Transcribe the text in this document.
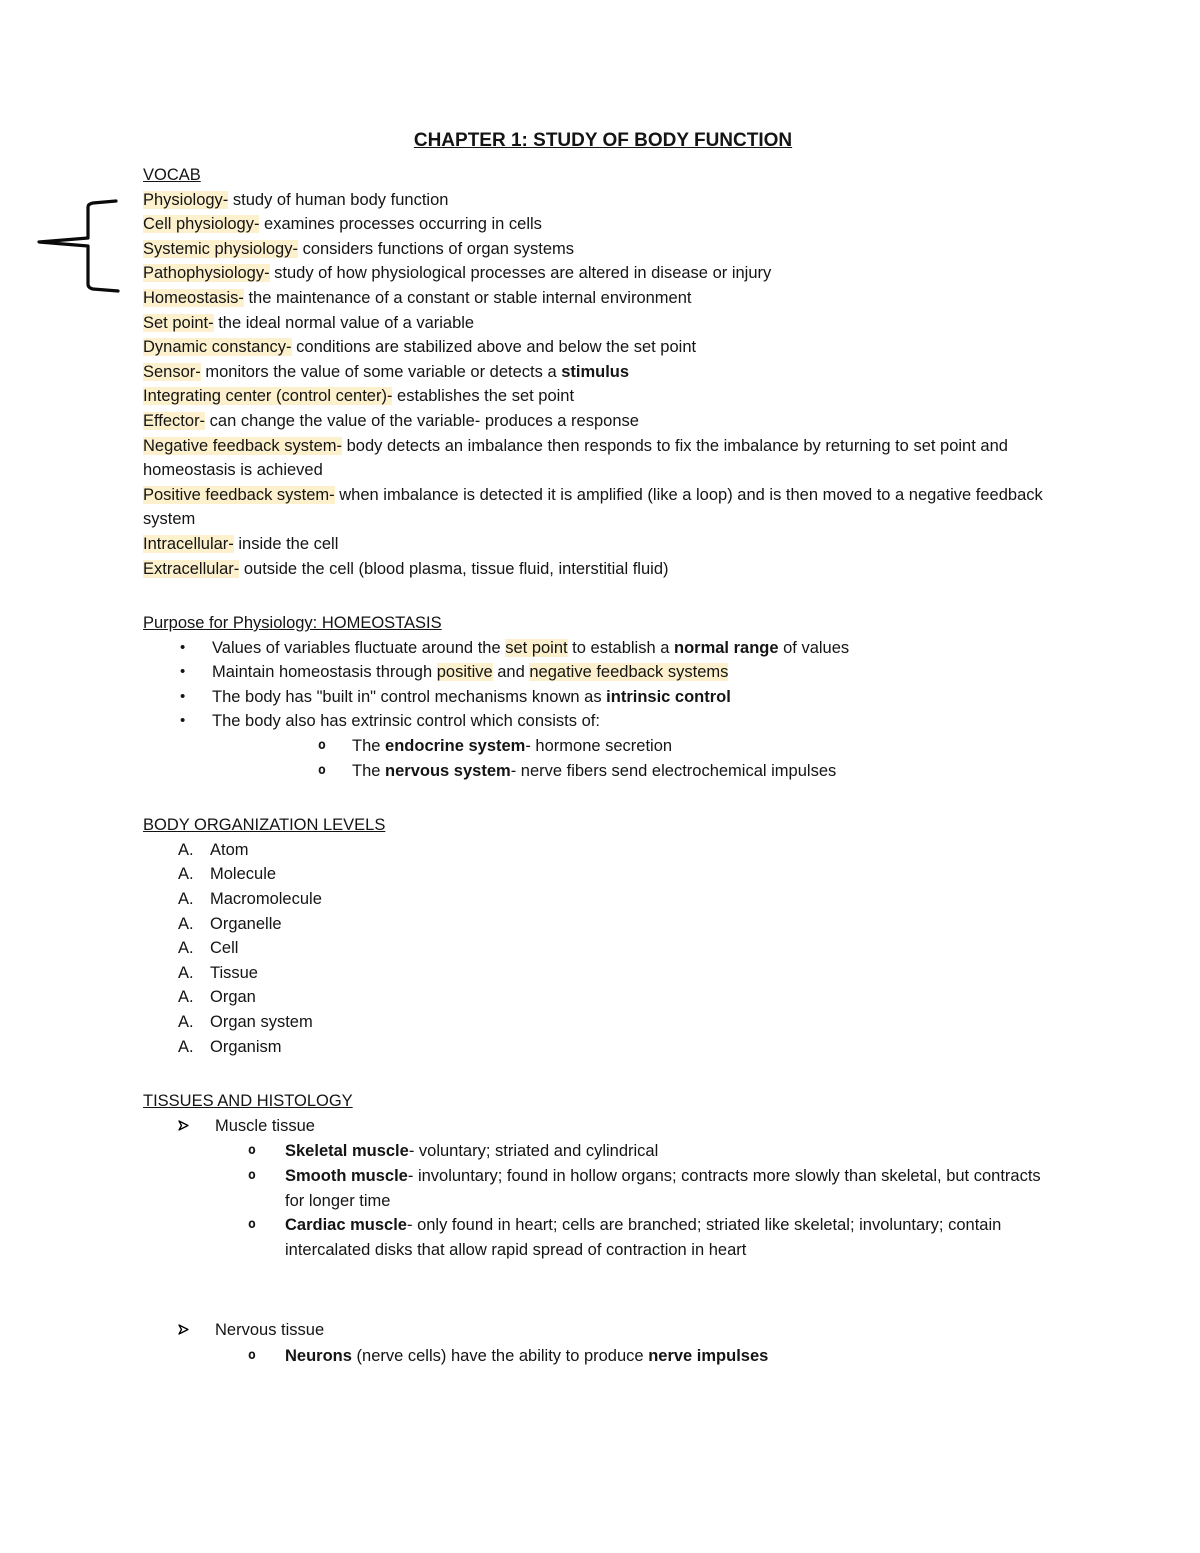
CHAPTER 1: STUDY OF BODY FUNCTION
VOCAB

Physiology- study of human body function

Cell physiology- examines processes occurring in cells

Systemic physiology- considers functions of organ systems

Pathophysiology- study of how physiological processes are altered in disease or injury

Homeostasis- the maintenance of a constant or stable internal environment

Set point- the ideal normal value of a variable

Dynamic constancy- conditions are stabilized above and below the set point

Sensor- monitors the value of some variable or detects a stimulus

Integrating center (control center)- establishes the set point

Effector- can change the value of the variable- produces a response

Negative feedback system- body detects an imbalance then responds to fix the imbalance by returning to set point and homeostasis is achieved

Positive feedback system- when imbalance is detected it is amplified (like a loop) and is then moved to a negative feedback system

Intracellular- inside the cell

Extracellular- outside the cell (blood plasma, tissue fluid, interstitial fluid)

Purpose for Physiology: HOMEOSTASIS
•	Values of variables fluctuate around the set point to establish a normal range of values
•	Maintain homeostasis through positive and negative feedback systems
•	The body has "built in" control mechanisms known as intrinsic control
•	The body also has extrinsic control which consists of:
o	The endocrine system- hormone secretion
o	The nervous system- nerve fibers send electrochemical impulses
BODY ORGANIZATION LEVELS
A. Atom
A. Molecule
A. Macromolecule
A. Organelle
A. Cell
A. Tissue
A. Organ
A. Organ system
A. Organism
TISSUES AND HISTOLOGY
Muscle tissue
o	Skeletal muscle- voluntary; striated and cylindrical
o	Smooth muscle- involuntary; found in hollow organs; contracts more slowly than skeletal, but contracts for longer time
o	Cardiac muscle- only found in heart; cells are branched; striated like skeletal; involuntary; contain intercalated disks that allow rapid spread of contraction in heart
Nervous tissue
o	Neurons (nerve cells) have the ability to produce nerve impulses
